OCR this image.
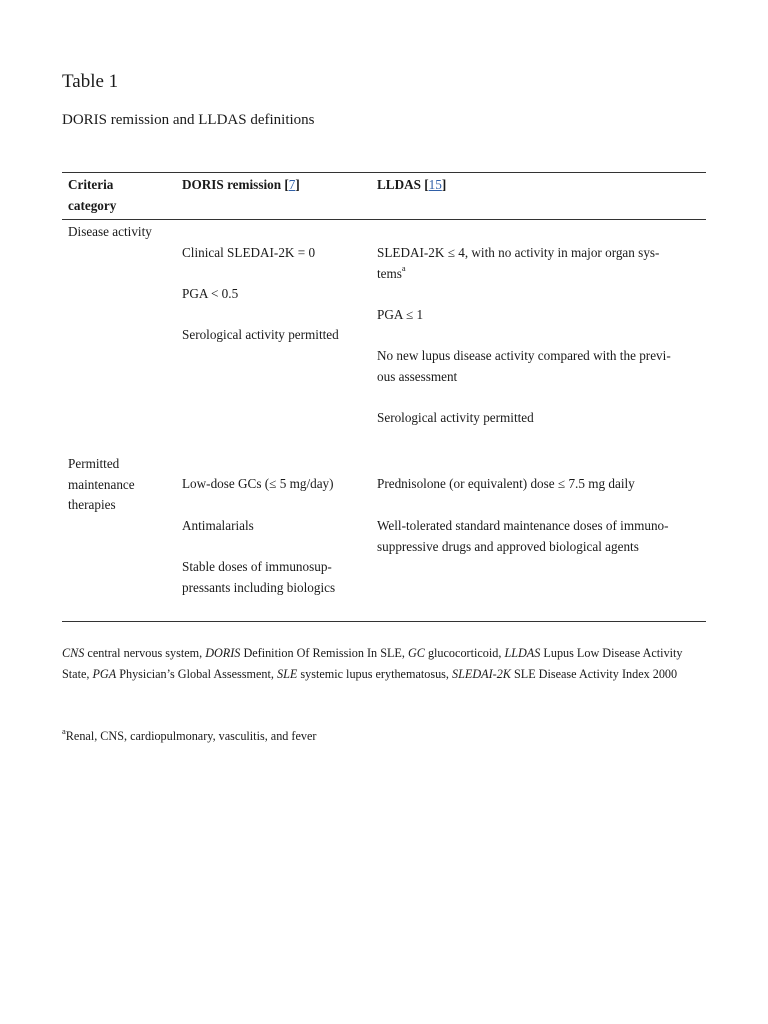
Table 1

DORIS remission and LLDAS definitions

Criteria
category
DORIS remission [7]	LLDAS [15]
Disease activity
Clinical SLEDAI-2K = 0
PGA < 0.5
Serological activity permitted
SLEDAI-2K ≤ 4, with no activity in major organ sys-
tems$^a$
PGA ≤ 1
No new lupus disease activity compared with the previ-
ous assessment
Serological activity permitted
Permitted
maintenance
therapies
Low-dose GCs (≤ 5 mg/day)
Antimalarials
Stable doses of immunosup-
pressants including biologics
Prednisolone (or equivalent) dose ≤ 7.5 mg daily
Well-tolerated standard maintenance doses of immuno-
suppressive drugs and approved biological agents
CNS central nervous system, DORIS Definition Of Remission In SLE, GC glucocorticoid, LLDAS Lupus Low Disease Activity State, PGA Physician’s Global Assessment, SLE systemic lupus erythematosus, SLEDAI-2K SLE Disease Activity Index 2000
$^a$Renal, CNS, cardiopulmonary, vasculitis, and fever
